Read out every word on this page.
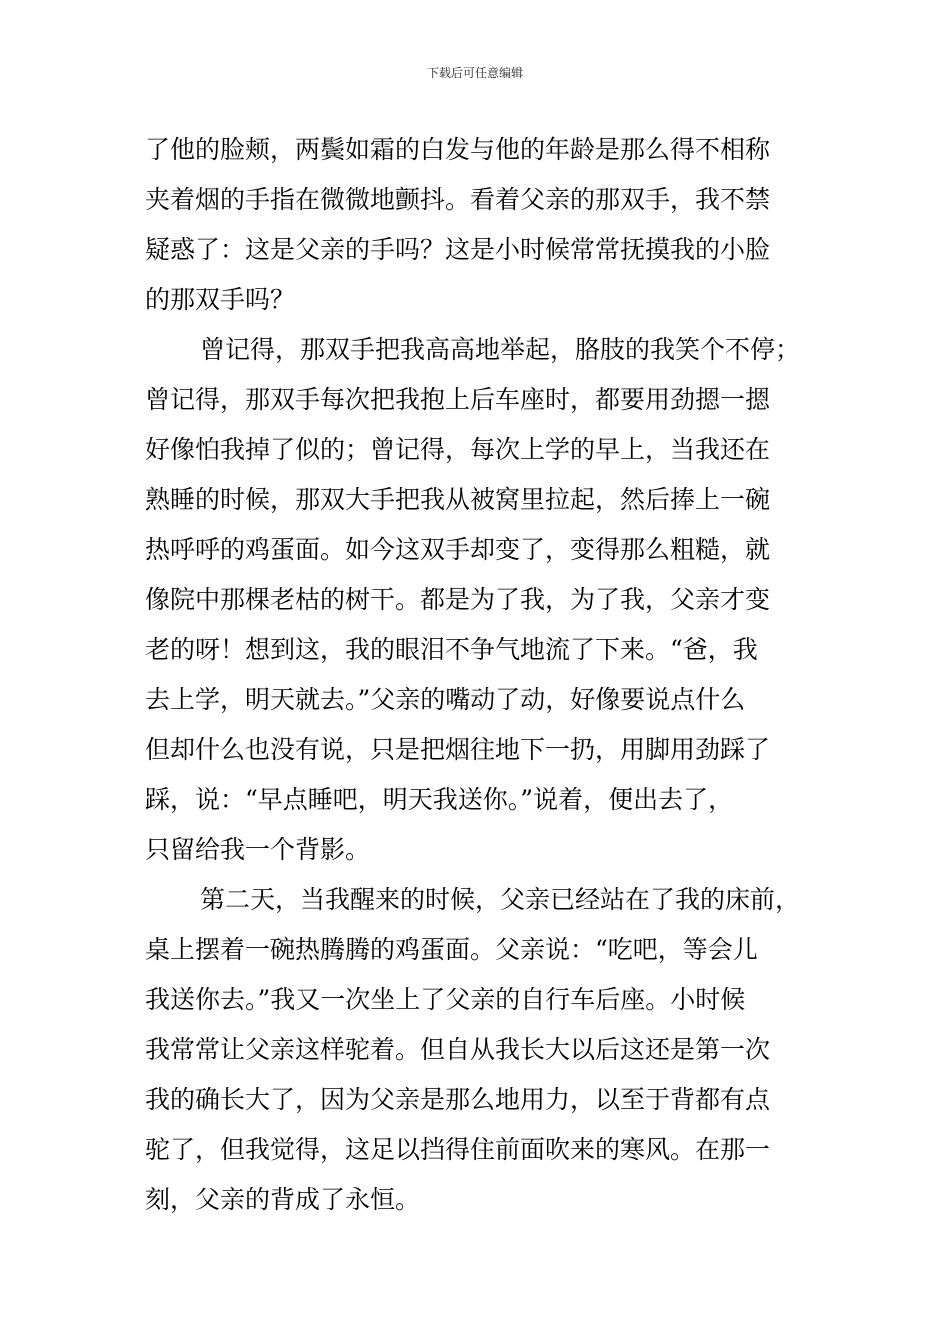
下载后可任意编辑
了他的脸颊，两鬓如霜的白发与他的年龄是那么得不相称
夹着烟的手指在微微地颤抖。看着父亲的那双手，我不禁
疑惑了：这是父亲的手吗？这是小时候常常抚摸我的小脸
的那双手吗？
曾记得，那双手把我高高地举起，胳肢的我笑个不停；
曾记得，那双手每次把我抱上后车座时，都要用劲摁一摁
好像怕我掉了似的；曾记得，每次上学的早上，当我还在
熟睡的时候，那双大手把我从被窝里拉起，然后捧上一碗
热呼呼的鸡蛋面。如今这双手却变了，变得那么粗糙，就
像院中那棵老枯的树干。都是为了我，为了我，父亲才变
老的呀！想到这，我的眼泪不争气地流了下来。“爸，我
去上学，明天就去。”父亲的嘴动了动，好像要说点什么
但却什么也没有说，只是把烟往地下一扔，用脚用劲踩了
踩，说：“早点睡吧，明天我送你。”说着，便出去了，
只留给我一个背影。
第二天，当我醒来的时候，父亲已经站在了我的床前，
桌上摆着一碗热腾腾的鸡蛋面。父亲说：“吃吧，等会儿
我送你去。”我又一次坐上了父亲的自行车后座。小时候
我常常让父亲这样驼着。但自从我长大以后这还是第一次
我的确长大了，因为父亲是那么地用力，以至于背都有点
驼了，但我觉得，这足以挡得住前面吹来的寒风。在那一
刻，父亲的背成了永恒。
